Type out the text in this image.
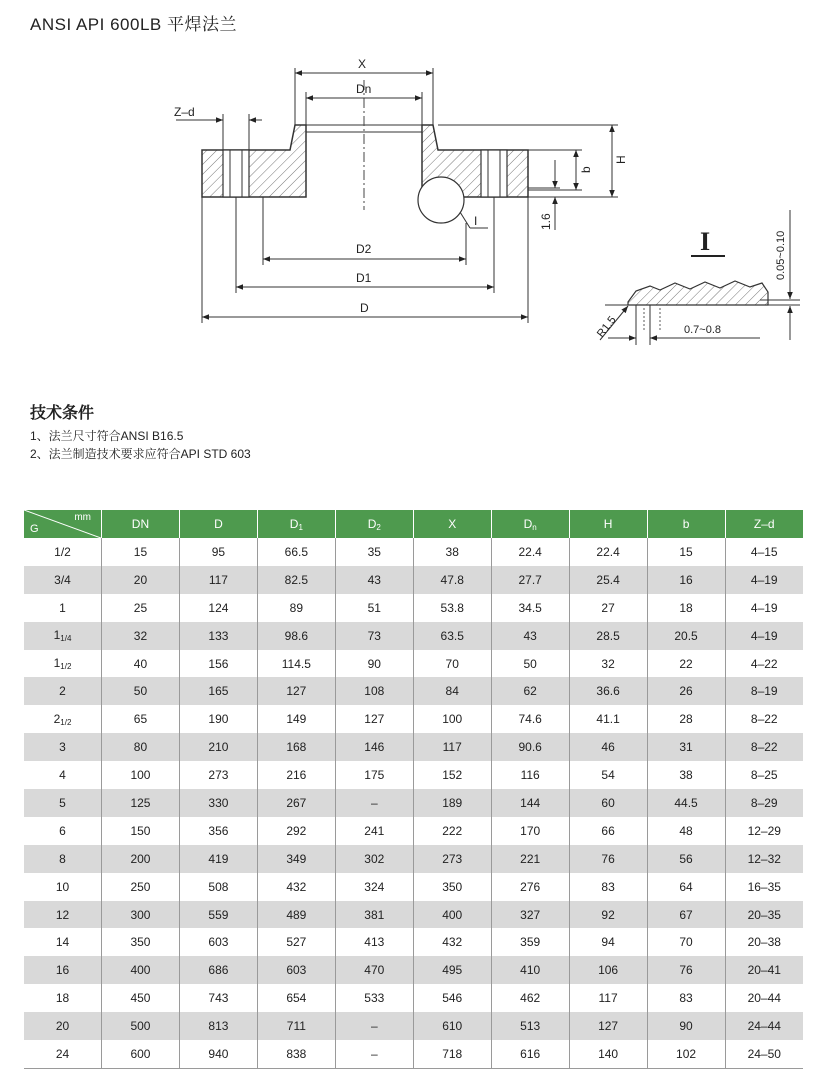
ANSI API 600LB 平焊法兰
X
Dn
Z–d
H
b
1.6
D2
D1
D
I
I	0.05~0.10
0.7~0.8
R1.5
技术条件
1、法兰尺寸符合ANSI B16.5
2、法兰制造技术要求应符合API STD 603
mm
G	DN	D	$D_1$	$D_2$	X	$D_n$	H	b	Z–d
1/2	15	95	66.5	35	38	22.4	22.4	15	4–15
3/4	20	117	82.5	43	47.8	27.7	25.4	16	4–19
1	25	124	89	51	53.8	34.5	27	18	4–19
$1_{1/4}$	32	133	98.6	73	63.5	43	28.5	20.5	4–19
$1_{1/2}$	40	156	114.5	90	70	50	32	22	4–22
2	50	165	127	108	84	62	36.6	26	8–19
$2_{1/2}$	65	190	149	127	100	74.6	41.1	28	8–22
3	80	210	168	146	117	90.6	46	31	8–22
4	100	273	216	175	152	116	54	38	8–25
5	125	330	267	–	189	144	60	44.5	8–29
6	150	356	292	241	222	170	66	48	12–29
8	200	419	349	302	273	221	76	56	12–32
10	250	508	432	324	350	276	83	64	16–35
12	300	559	489	381	400	327	92	67	20–35
14	350	603	527	413	432	359	94	70	20–38
16	400	686	603	470	495	410	106	76	20–41
18	450	743	654	533	546	462	117	83	20–44
20	500	813	711	–	610	513	127	90	24–44
24	600	940	838	–	718	616	140	102	24–50
